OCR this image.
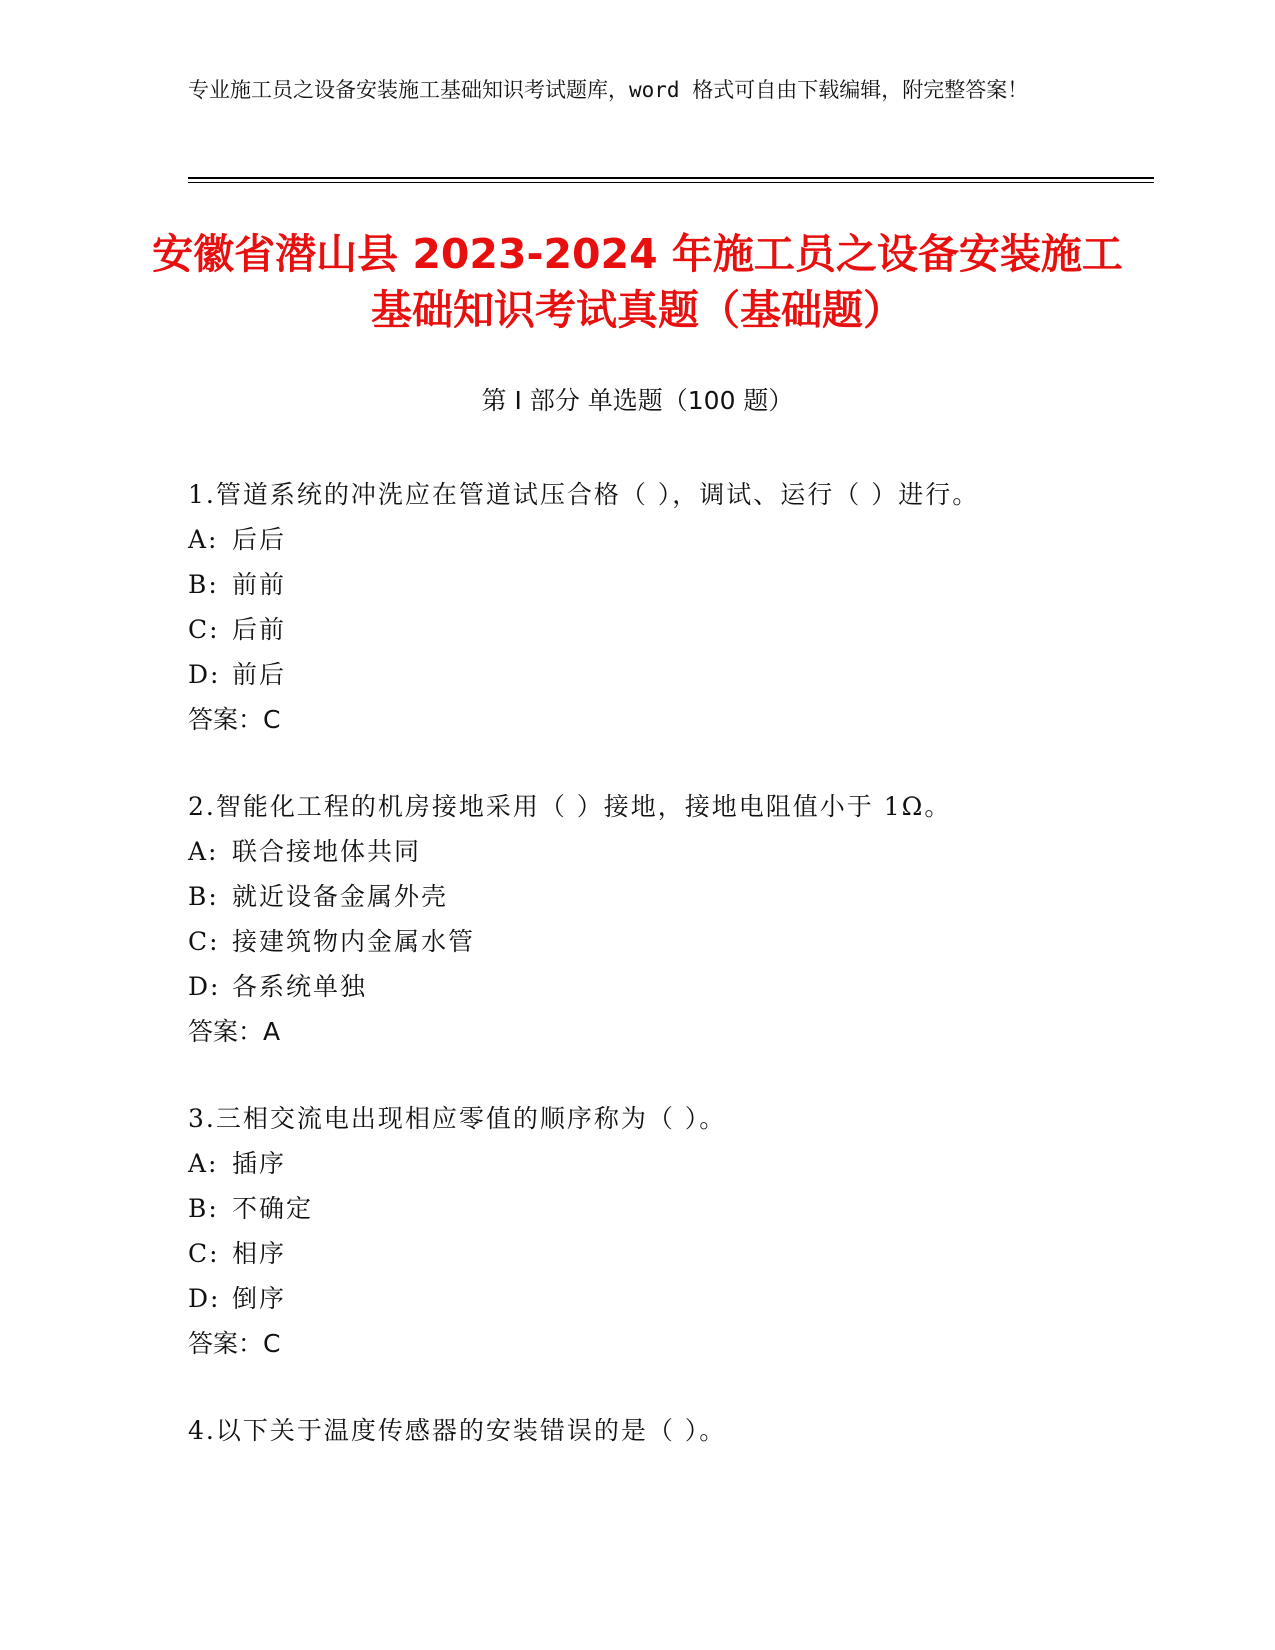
专业施工员之设备安装施工基础知识考试题库，word 格式可自由下载编辑，附完整答案！
安徽省潜山县 2023-2024 年施工员之设备安装施工基础知识考试真题（基础题）
第 I 部分 单选题（100 题）
1.管道系统的冲洗应在管道试压合格（ ），调试、运行（ ）进行。
A: 后后
B: 前前
C: 后前
D: 前后
答案：C
2.智能化工程的机房接地采用（ ）接地，接地电阻值小于 1Ω。
A: 联合接地体共同
B: 就近设备金属外壳
C: 接建筑物内金属水管
D: 各系统单独
答案：A
3.三相交流电出现相应零值的顺序称为（ ）。
A: 插序
B: 不确定
C: 相序
D: 倒序
答案：C
4.以下关于温度传感器的安装错误的是（ ）。
